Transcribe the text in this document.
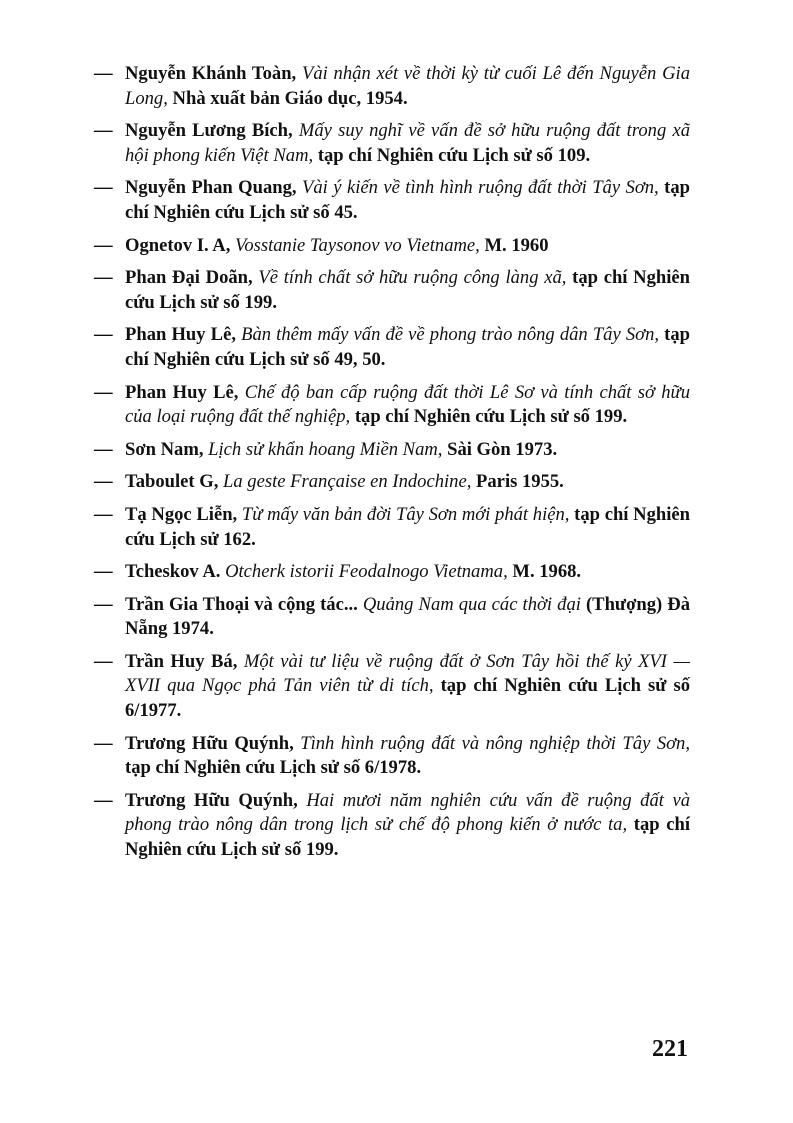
— Nguyễn Khánh Toàn, Vài nhận xét về thời kỳ từ cuối Lê đến Nguyễn Gia Long, Nhà xuất bản Giáo dục, 1954.
— Nguyễn Lương Bích, Mấy suy nghĩ về vấn đề sở hữu ruộng đất trong xã hội phong kiến Việt Nam, tạp chí Nghiên cứu Lịch sử số 109.
— Nguyễn Phan Quang, Vài ý kiến về tình hình ruộng đất thời Tây Sơn, tạp chí Nghiên cứu Lịch sử số 45.
— Ognetov I. A, Vosstanie Taysonov vo Vietname, M. 1960
— Phan Đại Doãn, Về tính chất sở hữu ruộng công làng xã, tạp chí Nghiên cứu Lịch sử số 199.
— Phan Huy Lê, Bàn thêm mấy vấn đề về phong trào nông dân Tây Sơn, tạp chí Nghiên cứu Lịch sử số 49, 50.
— Phan Huy Lê, Chế độ ban cấp ruộng đất thời Lê Sơ và tính chất sở hữu của loại ruộng đất thế nghiệp, tạp chí Nghiên cứu Lịch sử số 199.
— Sơn Nam, Lịch sử khẩn hoang Miền Nam, Sài Gòn 1973.
— Taboulet G, La geste Française en Indochine, Paris 1955.
— Tạ Ngọc Liễn, Từ mấy văn bản đời Tây Sơn mới phát hiện, tạp chí Nghiên cứu Lịch sử 162.
— Tcheskov A. Otcherk istorii Feodalnogo Vietnama, M. 1968.
— Trần Gia Thoại và cộng tác... Quảng Nam qua các thời đại (Thượng) Đà Nẵng 1974.
— Trần Huy Bá, Một vài tư liệu về ruộng đất ở Sơn Tây hồi thế kỷ XVI — XVII qua Ngọc phả Tản viên từ di tích, tạp chí Nghiên cứu Lịch sử số 6/1977.
— Trương Hữu Quýnh, Tình hình ruộng đất và nông nghiệp thời Tây Sơn, tạp chí Nghiên cứu Lịch sử số 6/1978.
— Trương Hữu Quýnh, Hai mươi năm nghiên cứu vấn đề ruộng đất và phong trào nông dân trong lịch sử chế độ phong kiến ở nước ta, tạp chí Nghiên cứu Lịch sử số 199.
221
